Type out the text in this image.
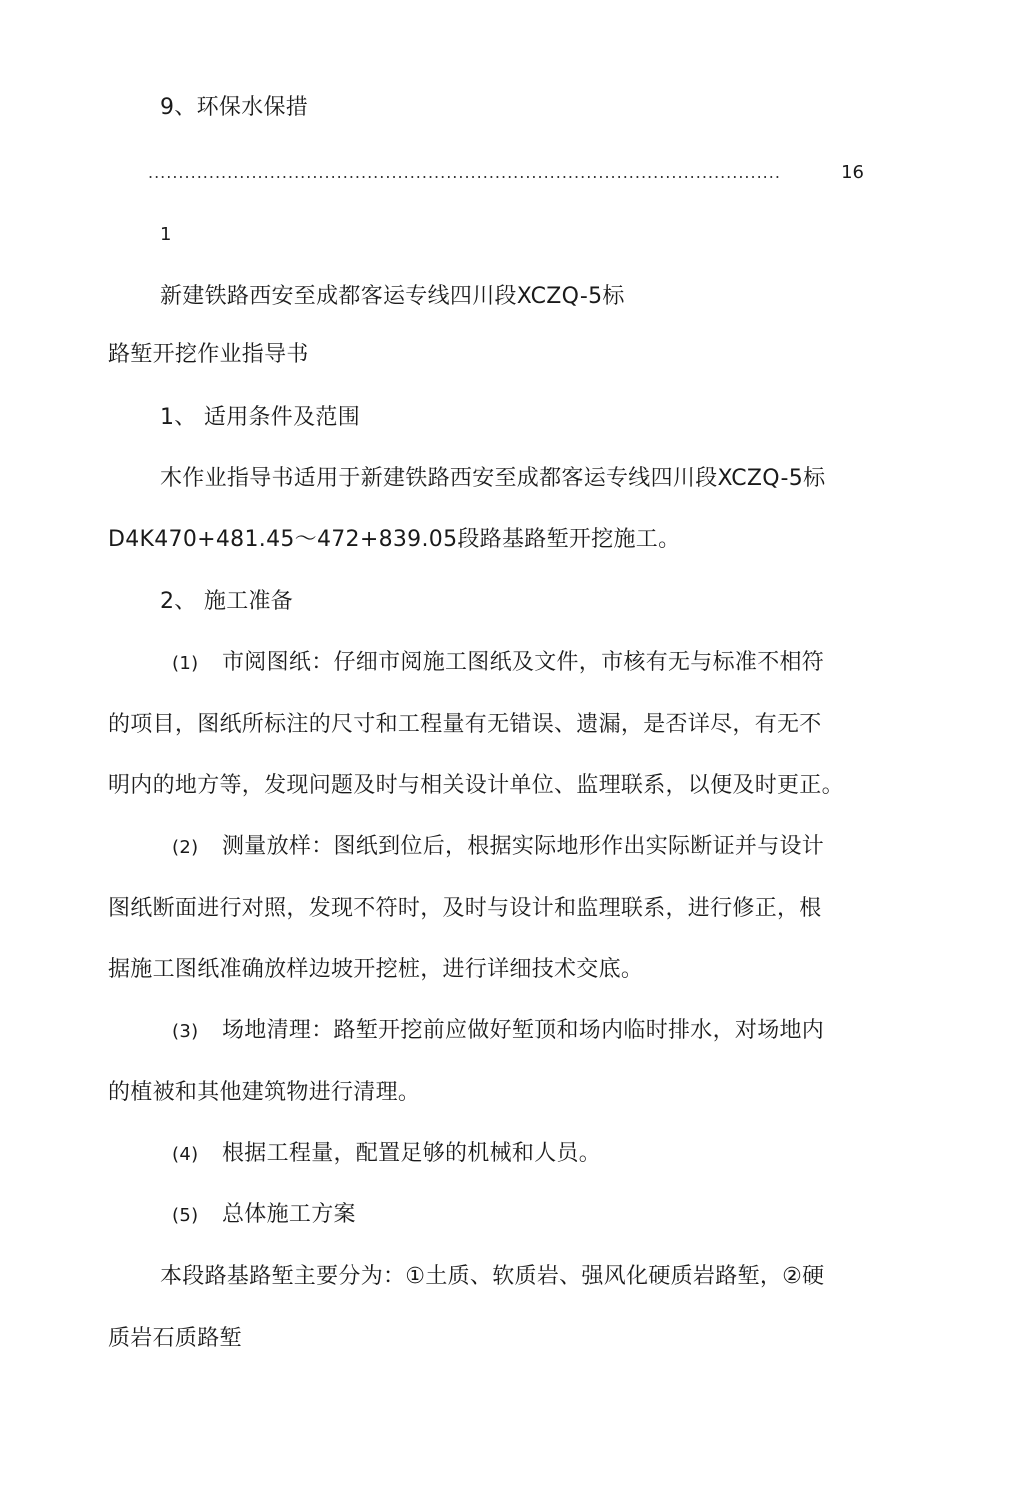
9、环保水保措
........................................................................................................	16
1
新建铁路西安至成都客运专线四川段XCZQ-5标
路堑开挖作业指导书
1、 适用条件及范围
木作业指导书适用于新建铁路西安至成都客运专线四川段XCZQ-5标
D4K470+481.45～472+839.05段路基路堑开挖施工。
2、 施工准备
(1) 市阅图纸：仔细市阅施工图纸及文件，市核有无与标准不相符
的项目，图纸所标注的尺寸和工程量有无错误、遗漏，是否详尽，有无不
明内的地方等，发现问题及时与相关设计单位、监理联系，以便及时更正。
(2) 测量放样：图纸到位后，根据实际地形作出实际断证并与设计
图纸断面进行对照，发现不符时，及时与设计和监理联系，进行修正，根
据施工图纸准确放样边坡开挖桩，进行详细技术交底。
(3) 场地清理：路堑开挖前应做好堑顶和场内临时排水，对场地内
的植被和其他建筑物进行清理。
(4) 根据工程量，配置足够的机械和人员。
(5) 总体施工方案
本段路基路堑主要分为：①土质、软质岩、强风化硬质岩路堑，②硬
质岩石质路堑
